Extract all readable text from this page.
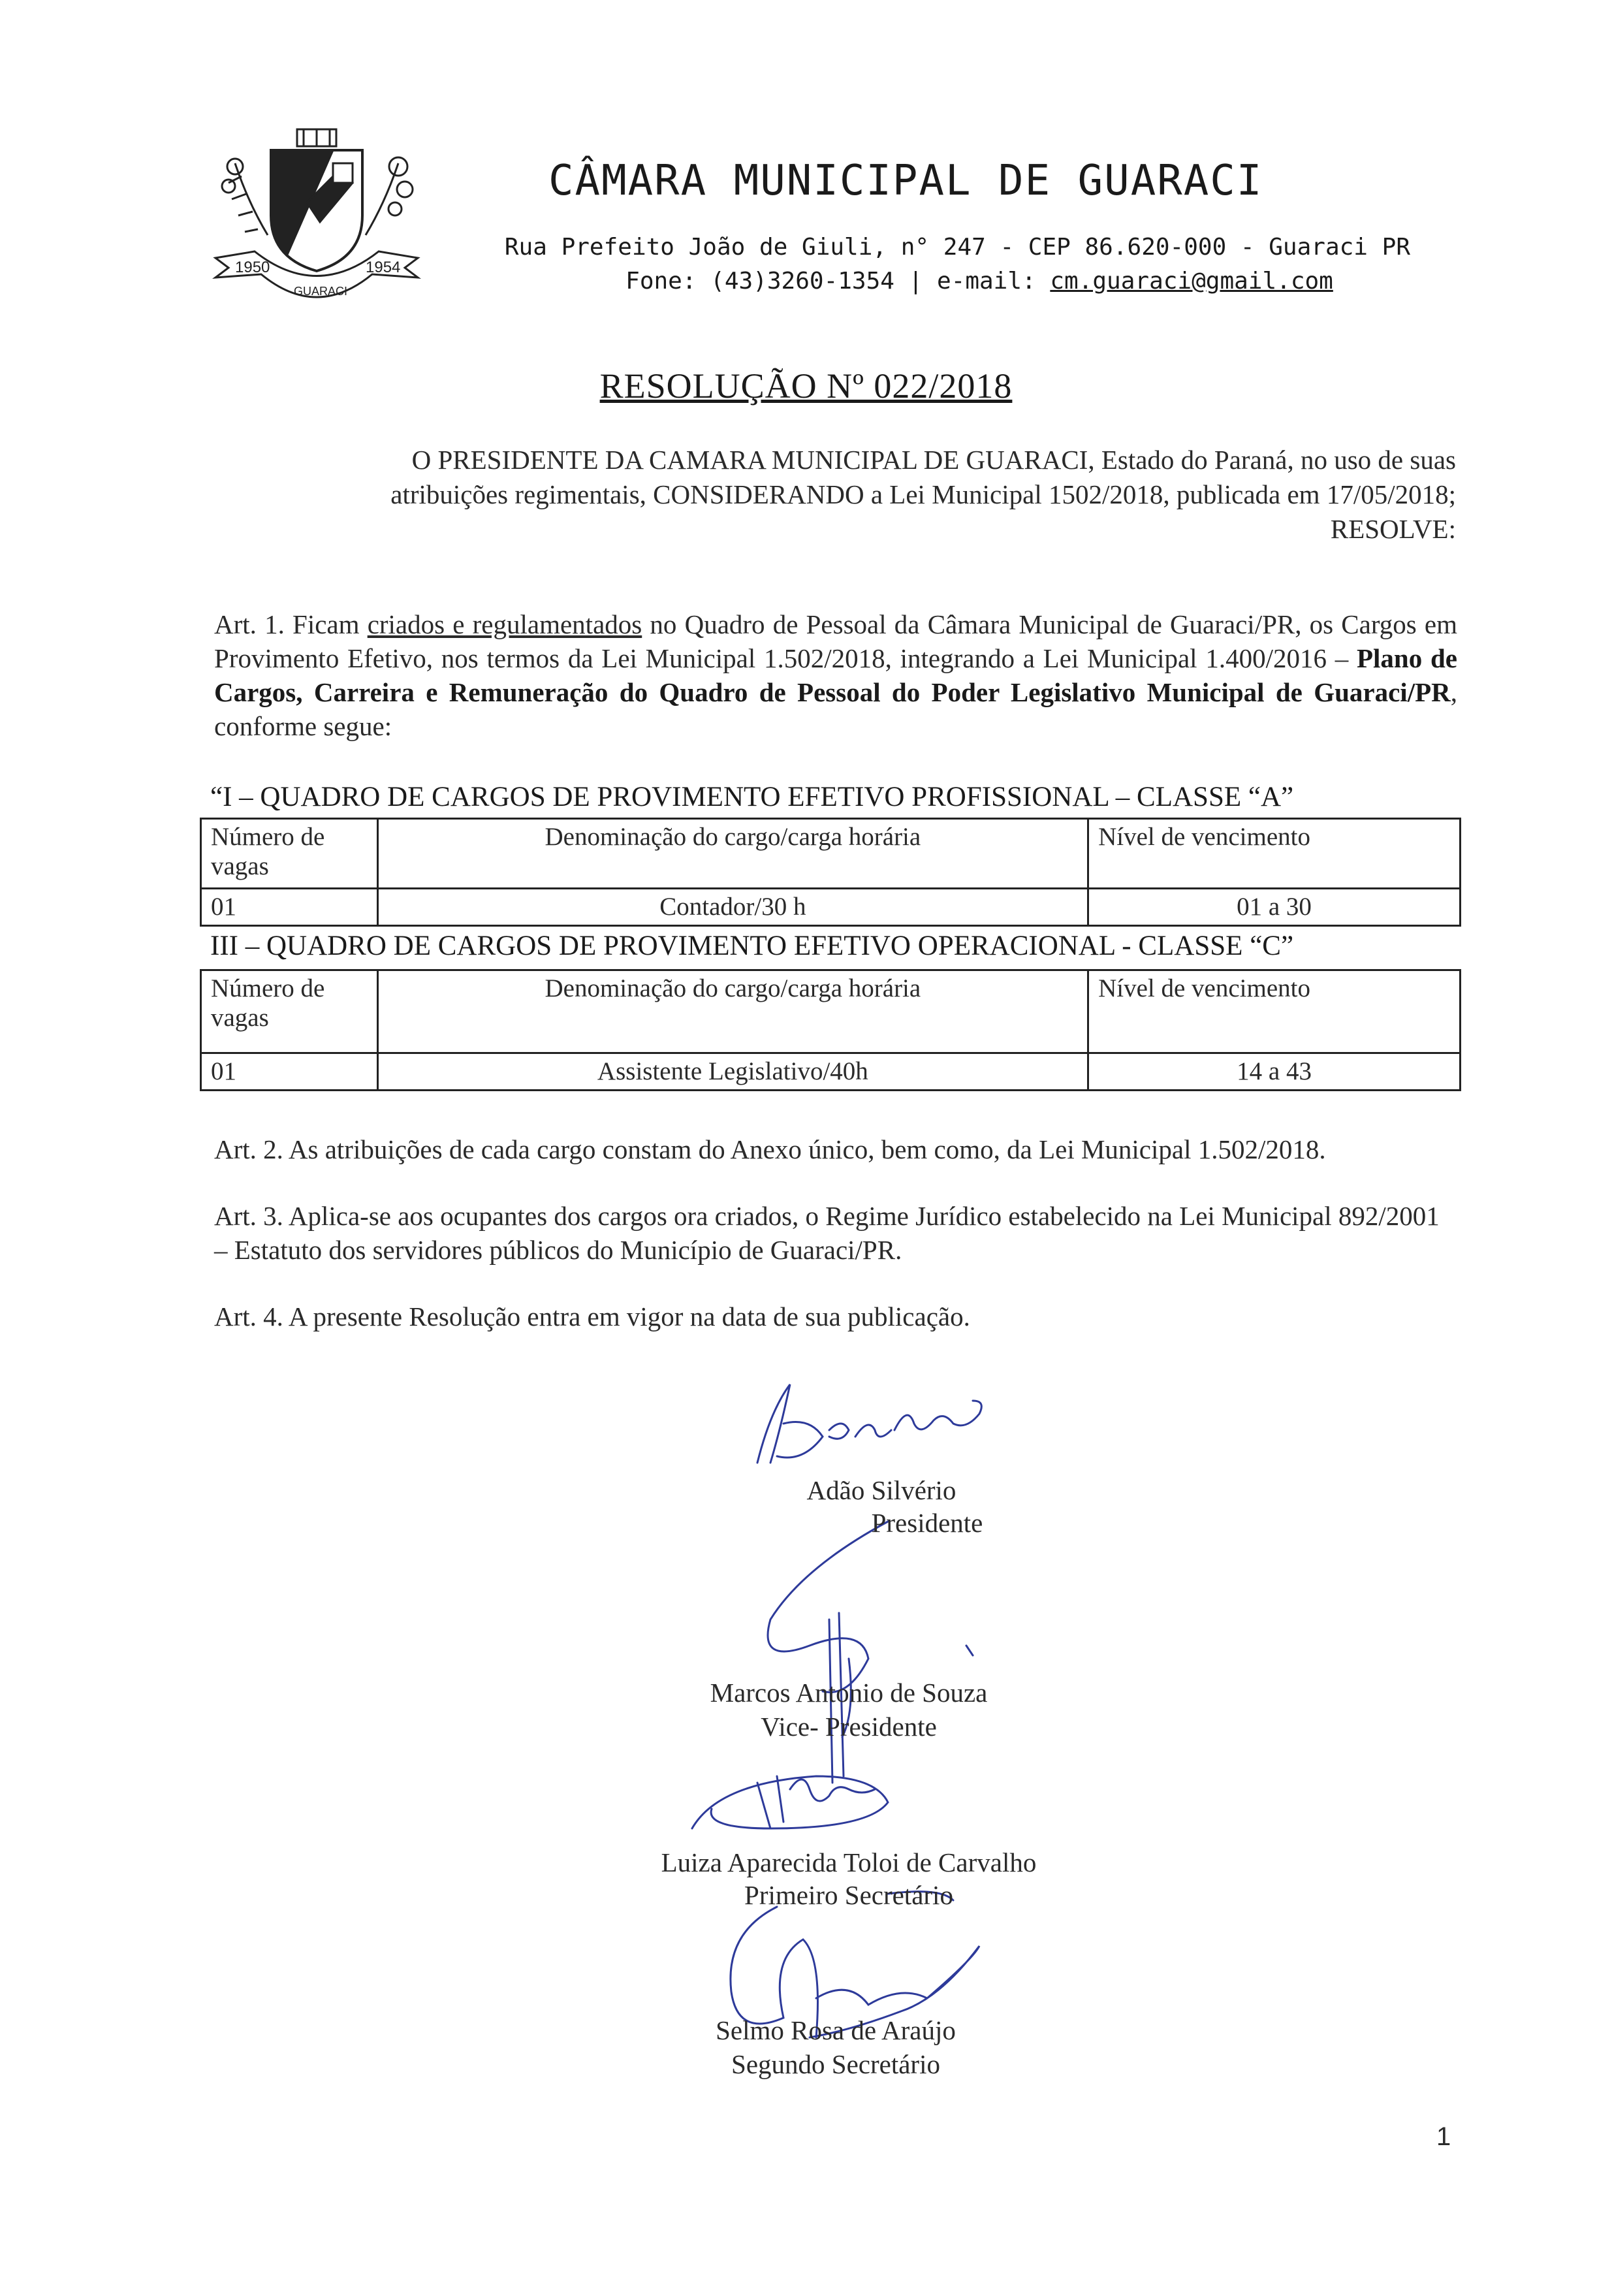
1950
GUARACI
1954
CÂMARA MUNICIPAL DE GUARACI
Rua Prefeito João de Giuli, n° 247 - CEP 86.620-000 - Guaraci PR
Fone: (43)3260-1354 | e-mail: cm.guaraci@gmail.com
RESOLUÇÃO Nº 022/2018
O PRESIDENTE DA CAMARA MUNICIPAL DE GUARACI, Estado do Paraná, no uso de suas
atribuições regimentais, CONSIDERANDO a Lei Municipal 1502/2018, publicada em 17/05/2018;
RESOLVE:
Art. 1. Ficam criados e regulamentados no Quadro de Pessoal da Câmara Municipal de Guaraci/PR, os Cargos em Provimento Efetivo, nos termos da Lei Municipal 1.502/2018, integrando a Lei Municipal 1.400/2016 – Plano de Cargos, Carreira e Remuneração do Quadro de Pessoal do Poder Legislativo Municipal de Guaraci/PR, conforme segue:
“I – QUADRO DE CARGOS DE PROVIMENTO EFETIVO PROFISSIONAL – CLASSE “A”
Número de vagas	Denominação do cargo/carga horária	Nível de vencimento
01	Contador/30 h	01 a 30
III – QUADRO DE CARGOS DE PROVIMENTO EFETIVO OPERACIONAL - CLASSE “C”
Número de vagas	Denominação do cargo/carga horária	Nível de vencimento
01	Assistente Legislativo/40h	14 a 43
Art. 2. As atribuições de cada cargo constam do Anexo único, bem como, da Lei Municipal 1.502/2018.
Art. 3. Aplica-se aos ocupantes dos cargos ora criados, o Regime Jurídico estabelecido na Lei Municipal 892/2001 – Estatuto dos servidores públicos do Município de Guaraci/PR.
Art. 4. A presente Resolução entra em vigor na data de sua publicação.
Adão Silvério
Presidente
Marcos Antonio de Souza
Vice- Presidente
Luiza Aparecida Toloi de Carvalho
Primeiro Secretário
Selmo Rosa de Araújo
Segundo Secretário
1
